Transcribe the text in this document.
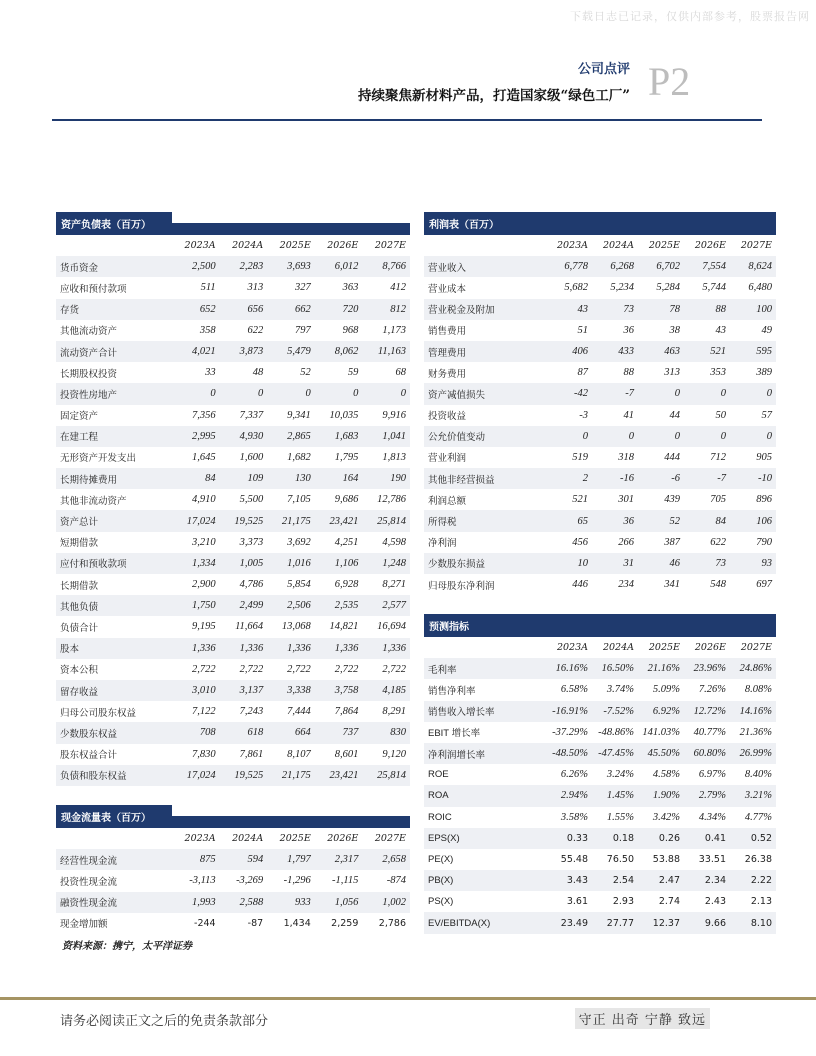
下载日志已记录，仅供内部参考，股票报告网
公司点评
持续聚焦新材料产品，打造国家级“绿色工厂” P2
资产负债表（百万）					

	2023A	2024A	2025E	2026E	2027E
货币资金	2,500	2,283	3,693	6,012	8,766
应收和预付款项	511	313	327	363	412
存货	652	656	662	720	812
其他流动资产	358	622	797	968	1,173
流动资产合计	4,021	3,873	5,479	8,062	11,163
长期股权投资	33	48	52	59	68
投资性房地产	0	0	0	0	0
固定资产	7,356	7,337	9,341	10,035	9,916
在建工程	2,995	4,930	2,865	1,683	1,041
无形资产开发支出	1,645	1,600	1,682	1,795	1,813
长期待摊费用	84	109	130	164	190
其他非流动资产	4,910	5,500	7,105	9,686	12,786
资产总计	17,024	19,525	21,175	23,421	25,814
短期借款	3,210	3,373	3,692	4,251	4,598
应付和预收款项	1,334	1,005	1,016	1,106	1,248
长期借款	2,900	4,786	5,854	6,928	8,271
其他负债	1,750	2,499	2,506	2,535	2,577
负债合计	9,195	11,664	13,068	14,821	16,694
股本	1,336	1,336	1,336	1,336	1,336
资本公积	2,722	2,722	2,722	2,722	2,722
留存收益	3,010	3,137	3,338	3,758	4,185
归母公司股东权益	7,122	7,243	7,444	7,864	8,291
少数股东权益	708	618	664	737	830
股东权益合计	7,830	7,861	8,107	8,601	9,120
负债和股东权益	17,024	19,525	21,175	23,421	25,814
现金流量表（百万）					

	2023A	2024A	2025E	2026E	2027E
经营性现金流	875	594	1,797	2,317	2,658
投资性现金流	-3,113	-3,269	-1,296	-1,115	-874
融资性现金流	1,993	2,588	933	1,056	1,002
现金增加额	-244	-87	1,434	2,259	2,786
利润表（百万）					
	2023A	2024A	2025E	2026E	2027E
营业收入	6,778	6,268	6,702	7,554	8,624
营业成本	5,682	5,234	5,284	5,744	6,480
营业税金及附加	43	73	78	88	100
销售费用	51	36	38	43	49
管理费用	406	433	463	521	595
财务费用	87	88	313	353	389
资产减值损失	-42	-7	0	0	0
投资收益	-3	41	44	50	57
公允价值变动	0	0	0	0	0
营业利润	519	318	444	712	905
其他非经营损益	2	-16	-6	-7	-10
利润总额	521	301	439	705	896
所得税	65	36	52	84	106
净利润	456	266	387	622	790
少数股东损益	10	31	46	73	93
归母股东净利润	446	234	341	548	697
预测指标					
	2023A	2024A	2025E	2026E	2027E
毛利率	16.16%	16.50%	21.16%	23.96%	24.86%
销售净利率	6.58%	3.74%	5.09%	7.26%	8.08%
销售收入增长率	-16.91%	-7.52%	6.92%	12.72%	14.16%
EBIT 增长率	-37.29%	-48.86%	141.03%	40.77%	21.36%
净利润增长率	-48.50%	-47.45%	45.50%	60.80%	26.99%
ROE	6.26%	3.24%	4.58%	6.97%	8.40%
ROA	2.94%	1.45%	1.90%	2.79%	3.21%
ROIC	3.58%	1.55%	3.42%	4.34%	4.77%
EPS(X)	0.33	0.18	0.26	0.41	0.52
PE(X)	55.48	76.50	53.88	33.51	26.38
PB(X)	3.43	2.54	2.47	2.34	2.22
PS(X)	3.61	2.93	2.74	2.43	2.13
EV/EBITDA(X)	23.49	27.77	12.37	9.66	8.10
资料来源：携宁，太平洋证券
请务必阅读正文之后的免责条款部分	守正 出奇 宁静 致远
